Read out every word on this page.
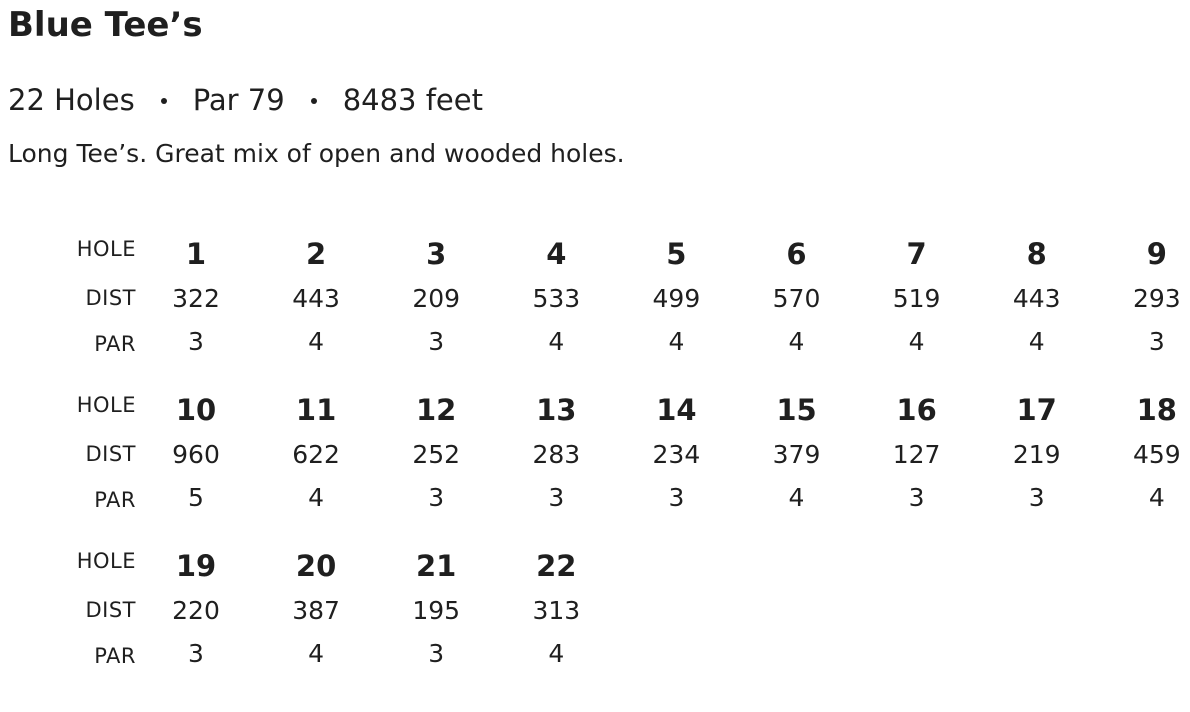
Blue Tee’s
22 Holes Par 79 8483 feet

Long Tee’s. Great mix of open and wooded holes.

HOLE
DIST
PAR
1
322
3
2
443
4
3
209
3
4
533
4
5
499
4
6
570
4
7
519
4
8
443
4
9
293
3
HOLE
DIST
PAR
10
960
5
11
622
4
12
252
3
13
283
3
14
234
3
15
379
4
16
127
3
17
219
3
18
459
4
HOLE
DIST
PAR
19
220
3
20
387
4
21
195
3
22
313
4
